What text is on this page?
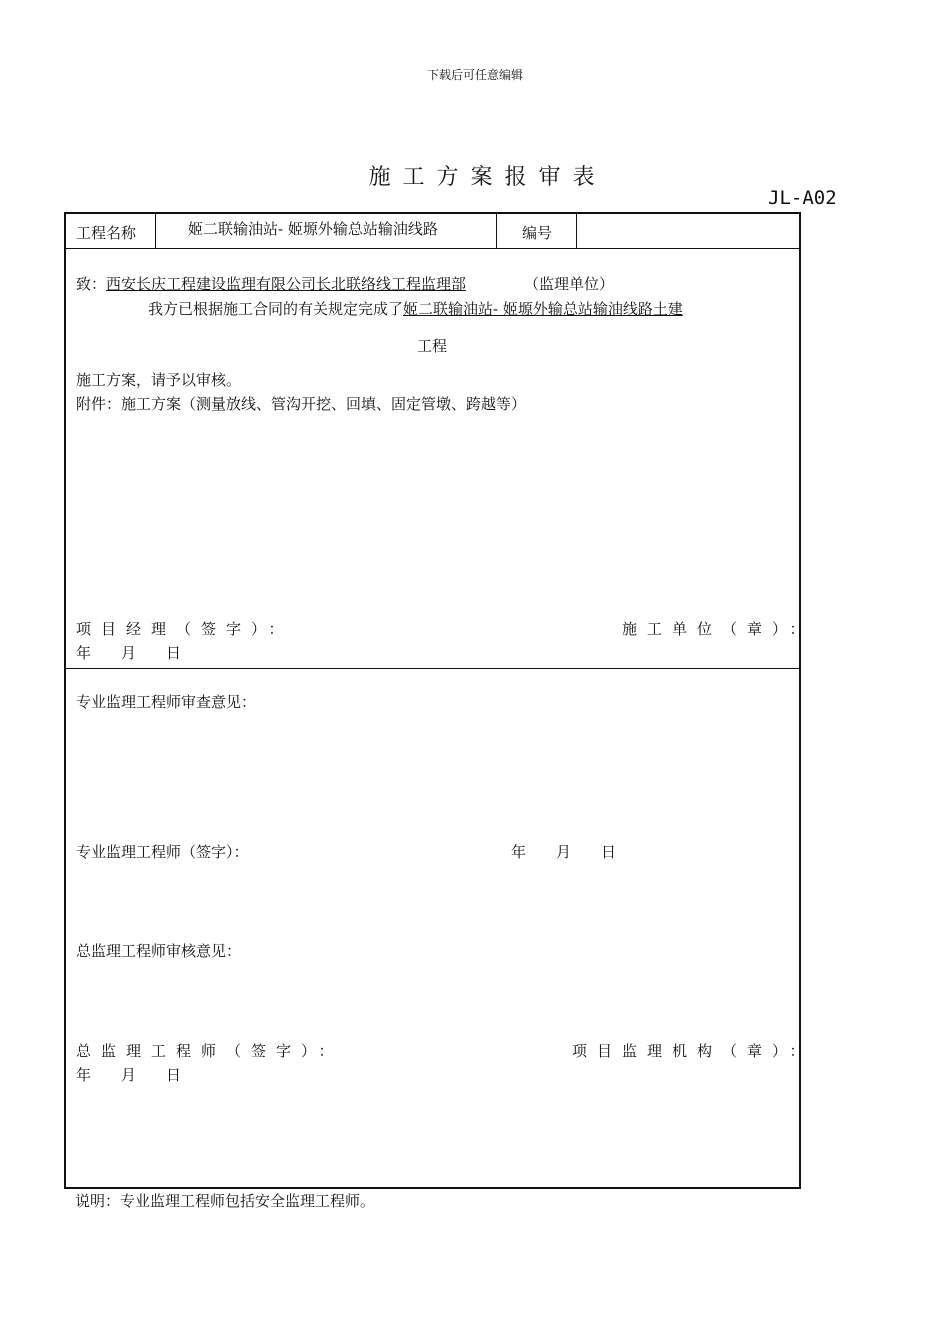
下载后可任意编辑
施工方案报审表
JL-A02
工程名称	姬二联输油站- 姬塬外输总站输油线路	编号
致：西安长庆工程建设监理有限公司长北联络线工程监理部	（监理单位）
我方已根据施工合同的有关规定完成了姬二联输油站- 姬塬外输总站输油线路土建
工程
施工方案，请予以审核。
附件：施工方案（测量放线、管沟开挖、回填、固定管墩、跨越等）
项目经理（签字）：	施工单位（章）：
年　　月　　日
专业监理工程师审查意见：
专业监理工程师（签字）：	年　　月　　日
总监理工程师审核意见：
总监理工程师（签字）：	项目监理机构（章）：
年　　月　　日
说明：专业监理工程师包括安全监理工程师。
